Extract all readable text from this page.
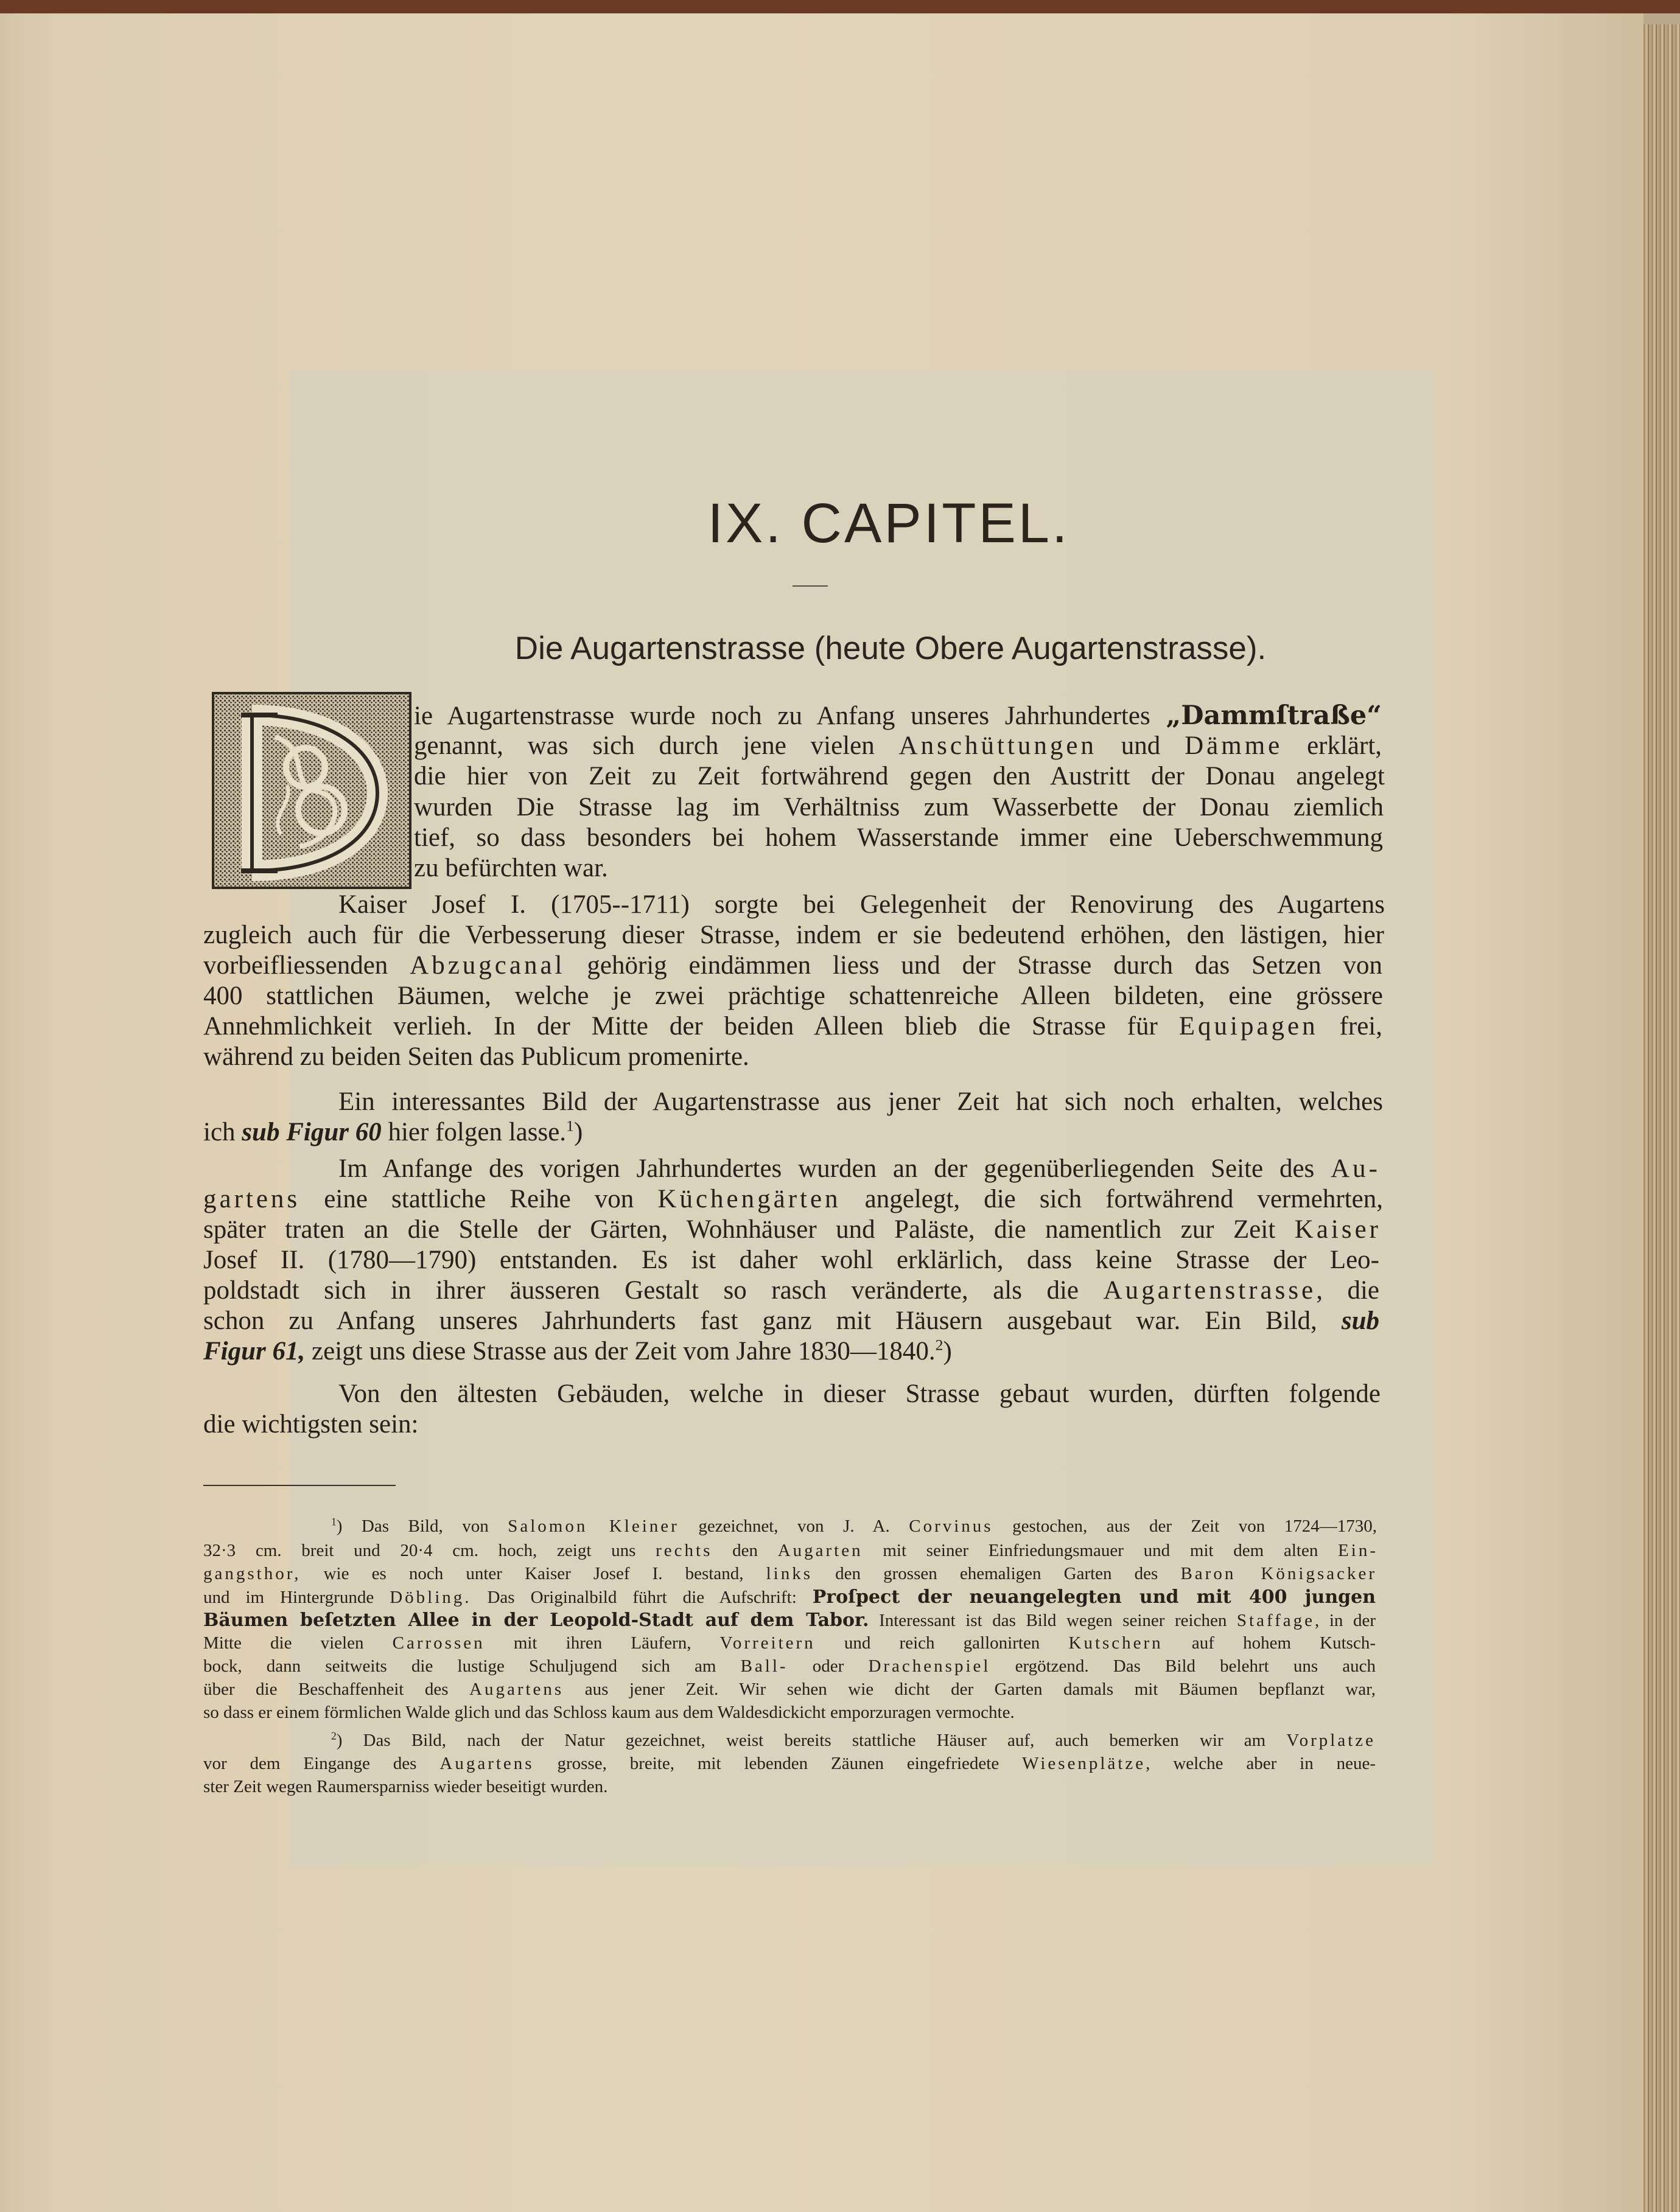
IX. CAPITEL.
Die Augartenstrasse (heute Obere Augartenstrasse).
ie Augartenstrasse wurde noch zu Anfang unseres Jahrhundertes „Dammſtraße“
genannt, was sich durch jene vielen Anschüttungen und Dämme erklärt,
die hier von Zeit zu Zeit fortwährend gegen den Austritt der Donau angelegt
wurden Die Strasse lag im Verhältniss zum Wasserbette der Donau ziemlich
tief, so dass besonders bei hohem Wasserstande immer eine Ueberschwemmung
zu befürchten war.
Kaiser Josef I. (1705--1711) sorgte bei Gelegenheit der Renovirung des Augartens
zugleich auch für die Verbesserung dieser Strasse, indem er sie bedeutend erhöhen, den lästigen, hier
vorbeifliessenden Abzugcanal gehörig eindämmen liess und der Strasse durch das Setzen von
400 stattlichen Bäumen, welche je zwei prächtige schattenreiche Alleen bildeten, eine grössere
Annehmlichkeit verlieh. In der Mitte der beiden Alleen blieb die Strasse für Equipagen frei,
während zu beiden Seiten das Publicum promenirte.
Ein interessantes Bild der Augartenstrasse aus jener Zeit hat sich noch erhalten, welches
ich sub Figur 60 hier folgen lasse.$^1$)
Im Anfange des vorigen Jahrhundertes wurden an der gegenüberliegenden Seite des Au-
gartens eine stattliche Reihe von Küchengärten angelegt, die sich fortwährend vermehrten,
später traten an die Stelle der Gärten, Wohnhäuser und Paläste, die namentlich zur Zeit Kaiser
Josef II. (1780—1790) entstanden. Es ist daher wohl erklärlich, dass keine Strasse der Leo-
poldstadt sich in ihrer äusseren Gestalt so rasch veränderte, als die Augartenstrasse, die
schon zu Anfang unseres Jahrhunderts fast ganz mit Häusern ausgebaut war. Ein Bild, sub
Figur 61, zeigt uns diese Strasse aus der Zeit vom Jahre 1830—1840.$^2$)
Von den ältesten Gebäuden, welche in dieser Strasse gebaut wurden, dürften folgende
die wichtigsten sein:
$^1$) Das Bild, von Salomon Kleiner gezeichnet, von J. A. Corvinus gestochen, aus der Zeit von 1724—1730,
32·3 cm. breit und 20·4 cm. hoch, zeigt uns rechts den Augarten mit seiner Einfriedungsmauer und mit dem alten Ein-
gangsthor, wie es noch unter Kaiser Josef I. bestand, links den grossen ehemaligen Garten des Baron Königsacker
und im Hintergrunde Döbling. Das Originalbild führt die Aufschrift: Proſpect der neuangelegten und mit 400 jungen
Bäumen beſetzten Allee in der Leopold-Stadt auf dem Tabor. Interessant ist das Bild wegen seiner reichen Staffage, in der
Mitte die vielen Carrossen mit ihren Läufern, Vorreitern und reich gallonirten Kutschern auf hohem Kutsch-
bock, dann seitweits die lustige Schuljugend sich am Ball- oder Drachenspiel ergötzend. Das Bild belehrt uns auch
über die Beschaffenheit des Augartens aus jener Zeit. Wir sehen wie dicht der Garten damals mit Bäumen bepflanzt war,
so dass er einem förmlichen Walde glich und das Schloss kaum aus dem Waldesdickicht emporzuragen vermochte.
$^2$) Das Bild, nach der Natur gezeichnet, weist bereits stattliche Häuser auf, auch bemerken wir am Vorplatze
vor dem Eingange des Augartens grosse, breite, mit lebenden Zäunen eingefriedete Wiesenplätze, welche aber in neue-
ster Zeit wegen Raumersparniss wieder beseitigt wurden.
